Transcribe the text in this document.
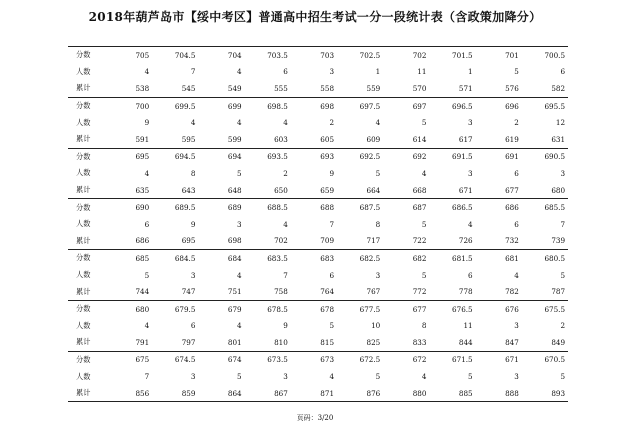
2018年葫芦岛市【绥中考区】普通高中招生考试一分一段统计表（含政策加降分）
分数	705	704.5	704	703.5	703	702.5	702	701.5	701	700.5
人数	4	7	4	6	3	1	11	1	5	6
累计	538	545	549	555	558	559	570	571	576	582
分数	700	699.5	699	698.5	698	697.5	697	696.5	696	695.5
人数	9	4	4	4	2	4	5	3	2	12
累计	591	595	599	603	605	609	614	617	619	631
分数	695	694.5	694	693.5	693	692.5	692	691.5	691	690.5
人数	4	8	5	2	9	5	4	3	6	3
累计	635	643	648	650	659	664	668	671	677	680
分数	690	689.5	689	688.5	688	687.5	687	686.5	686	685.5
人数	6	9	3	4	7	8	5	4	6	7
累计	686	695	698	702	709	717	722	726	732	739
分数	685	684.5	684	683.5	683	682.5	682	681.5	681	680.5
人数	5	3	4	7	6	3	5	6	4	5
累计	744	747	751	758	764	767	772	778	782	787
分数	680	679.5	679	678.5	678	677.5	677	676.5	676	675.5
人数	4	6	4	9	5	10	8	11	3	2
累计	791	797	801	810	815	825	833	844	847	849
分数	675	674.5	674	673.5	673	672.5	672	671.5	671	670.5
人数	7	3	5	3	4	5	4	5	3	5
累计	856	859	864	867	871	876	880	885	888	893
页码：3/20
